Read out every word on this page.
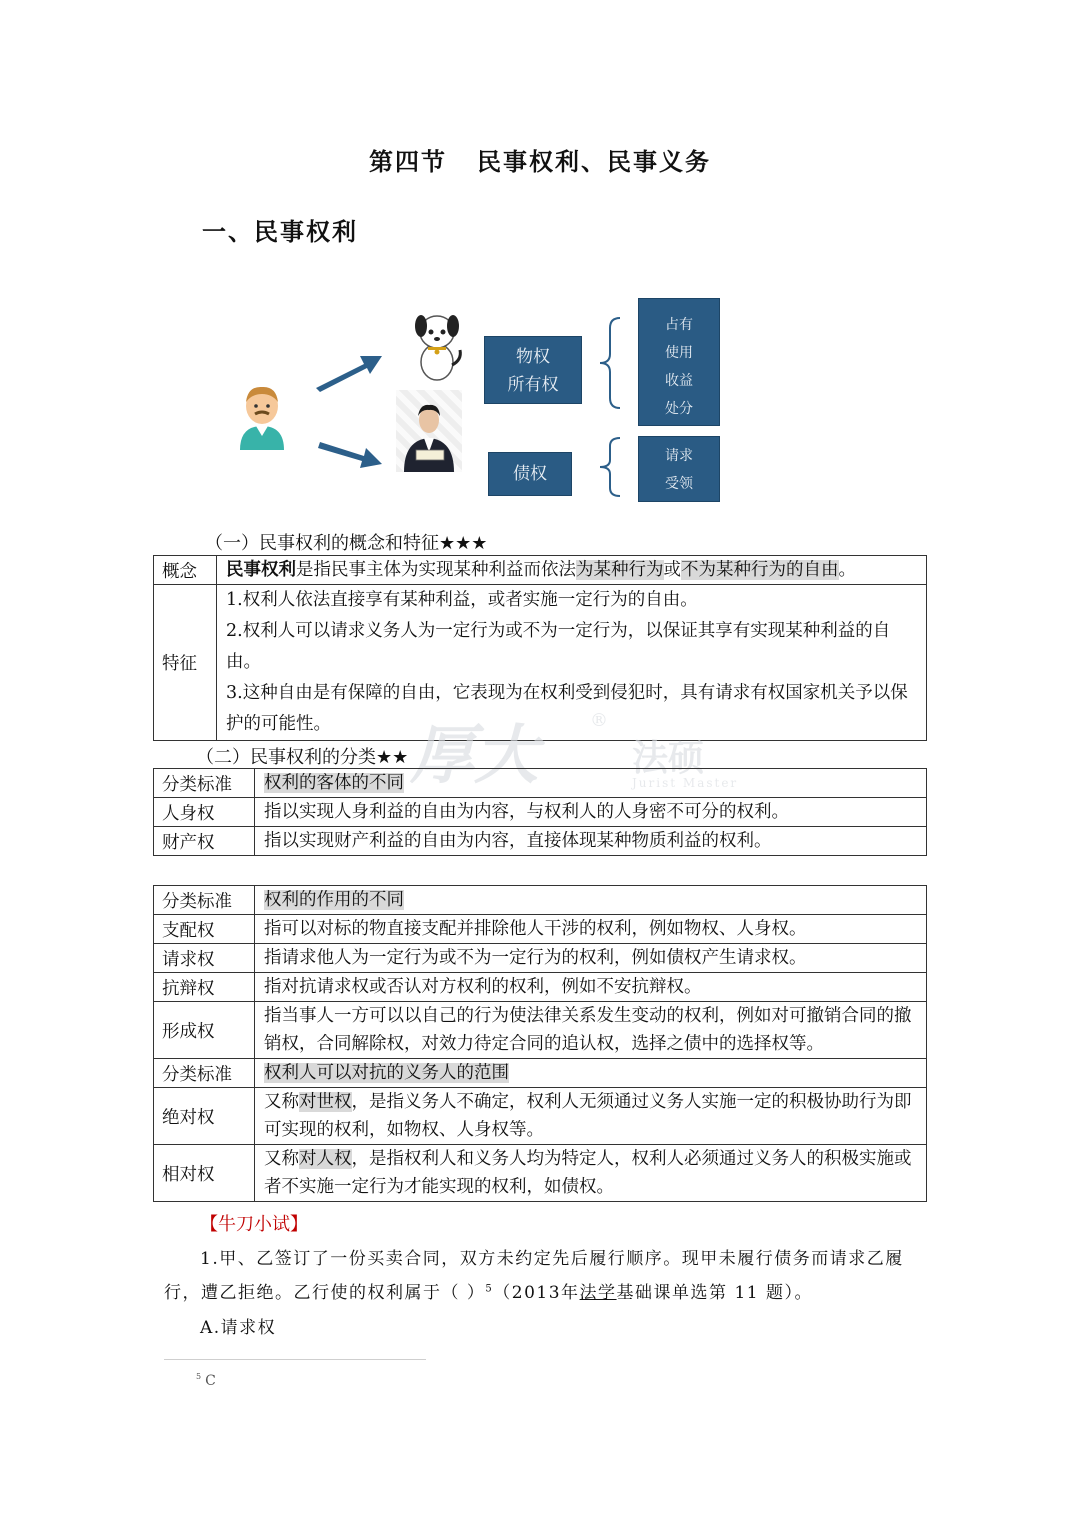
第四节 民事权利、民事义务
一、民事权利
物权
所有权
债权
占有
使用
收益
处分
请求
受领
（一）民事权利的概念和特征★★★
概念	民事权利是指民事主体为实现某种利益而依法为某种行为或不为某种行为的自由。
特征	1.权利人依法直接享有某种利益，或者实施一定行为的自由。
2.权利人可以请求义务人为一定行为或不为一定行为，以保证其享有实现某种利益的自由。
3.这种自由是有保障的自由，它表现为在权利受到侵犯时，具有请求有权国家机关予以保护的可能性。	厚大	®
法硕
Jurist Master
（二）民事权利的分类★★
分类标准	权利的客体的不同
人身权	指以实现人身利益的自由为内容，与权利人的人身密不可分的权利。
财产权	指以实现财产利益的自由为内容，直接体现某种物质利益的权利。
分类标准	权利的作用的不同
支配权	指可以对标的物直接支配并排除他人干涉的权利，例如物权、人身权。
请求权	指请求他人为一定行为或不为一定行为的权利，例如债权产生请求权。
抗辩权	指对抗请求权或否认对方权利的权利，例如不安抗辩权。
形成权	指当事人一方可以以自己的行为使法律关系发生变动的权利，例如对可撤销合同的撤销权，合同解除权，对效力待定合同的追认权，选择之债中的选择权等。
分类标准	权利人可以对抗的义务人的范围
绝对权	又称对世权，是指义务人不确定，权利人无须通过义务人实施一定的积极协助行为即可实现的权利，如物权、人身权等。
相对权	又称对人权，是指权利人和义务人均为特定人，权利人必须通过义务人的积极实施或者不实施一定行为才能实现的权利，如债权。
【牛刀小试】
1.甲、乙签订了一份买卖合同，双方未约定先后履行顺序。现甲未履行债务而请求乙履
行，遭乙拒绝。乙行使的权利属于（ ）$^5$（2013年法学基础课单选第 11 题）。
A.请求权
$^5$ C
